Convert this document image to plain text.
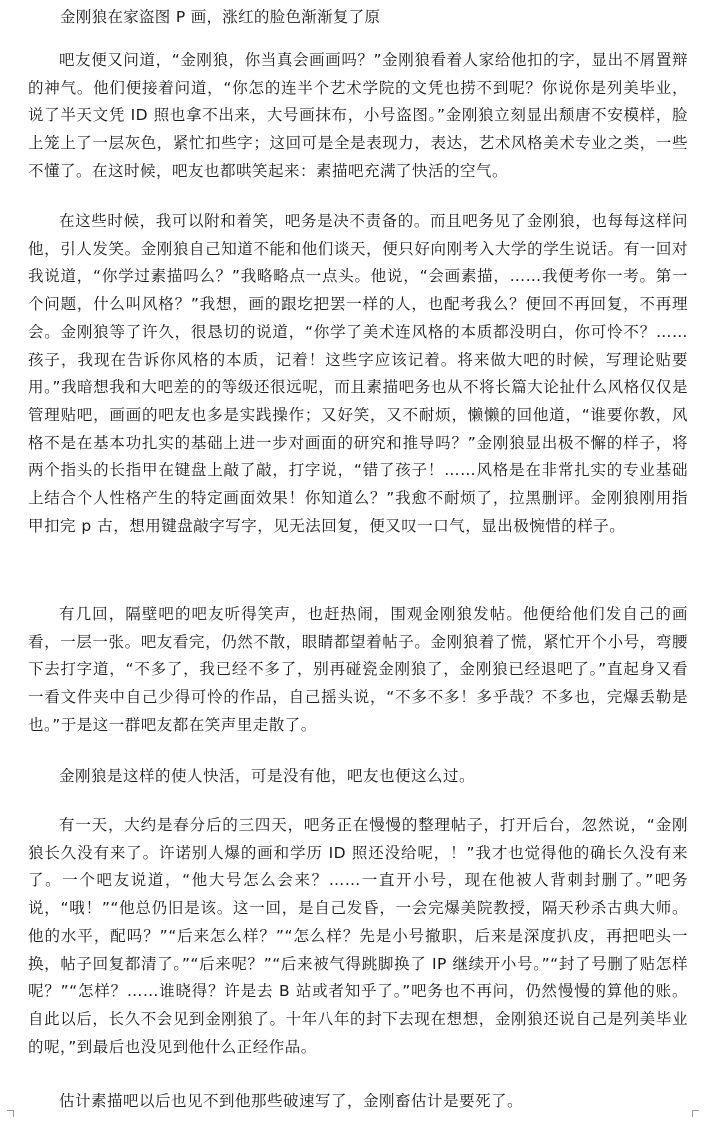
金刚狼在家盗图 P 画，涨红的脸色渐渐复了原

吧友便又问道，“金刚狼，你当真会画画吗？”金刚狼看着人家给他扣的字，显出不屑置辩的神气。他们便接着问道，“你怎的连半个艺术学院的文凭也捞不到呢？你说你是列美毕业，说了半天文凭 ID 照也拿不出来，大号画抹布，小号盗图。”金刚狼立刻显出颓唐不安模样，脸上笼上了一层灰色，紧忙扣些字；这回可是全是表现力，表达，艺术风格美术专业之类，一些不懂了。在这时候，吧友也都哄笑起来：素描吧充满了快活的空气。

在这些时候，我可以附和着笑，吧务是决不责备的。而且吧务见了金刚狼，也每每这样问他，引人发笑。金刚狼自己知道不能和他们谈天，便只好向刚考入大学的学生说话。有一回对我说道，“你学过素描吗么？”我略略点一点头。他说，“会画素描，……我便考你一考。第一个问题，什么叫风格？”我想，画的跟圪把罢一样的人，也配考我么？便回不再回复，不再理会。金刚狼等了许久，很恳切的说道，“你学了美术连风格的本质都没明白，你可怜不？……孩子，我现在告诉你风格的本质，记着！这些字应该记着。将来做大吧的时候，写理论贴要用。”我暗想我和大吧差的的等级还很远呢，而且素描吧务也从不将长篇大论扯什么风格仅仅是管理贴吧，画画的吧友也多是实践操作；又好笑，又不耐烦，懒懒的回他道，“谁要你教，风格不是在基本功扎实的基础上进一步对画面的研究和推导吗？”金刚狼显出极不懈的样子，将两个指头的长指甲在键盘上敲了敲，打字说，“错了孩子！……风格是在非常扎实的专业基础上结合个人性格产生的特定画面效果！你知道么？”我愈不耐烦了，拉黑删评。金刚狼刚用指甲扣完 p 古，想用键盘敲字写字，见无法回复，便又叹一口气，显出极惋惜的样子。

有几回，隔壁吧的吧友听得笑声，也赶热闹，围观金刚狼发帖。他便给他们发自己的画看，一层一张。吧友看完，仍然不散，眼睛都望着帖子。金刚狼着了慌，紧忙开个小号，弯腰下去打字道，“不多了，我已经不多了，别再碰瓷金刚狼了，金刚狼已经退吧了。”直起身又看一看文件夹中自己少得可怜的作品，自己摇头说，“不多不多！多乎哉？不多也，完爆丢勒是也。”于是这一群吧友都在笑声里走散了。

金刚狼是这样的使人快活，可是没有他，吧友也便这么过。

有一天，大约是春分后的三四天，吧务正在慢慢的整理帖子，打开后台，忽然说，“金刚狼长久没有来了。许诺别人爆的画和学历 ID 照还没给呢，！”我才也觉得他的确长久没有来了。一个吧友说道，“他大号怎么会来？……一直开小号，现在他被人背刺封删了。”吧务说，“哦！”“他总仍旧是该。这一回，是自己发昏，一会完爆美院教授，隔天秒杀古典大师。他的水平，配吗？”“后来怎么样？”“怎么样？先是小号撤职，后来是深度扒皮，再把吧头一换，帖子回复都清了。”“后来呢？”“后来被气得跳脚换了 IP 继续开小号。”“封了号删了贴怎样呢？”“怎样？……谁晓得？许是去 B 站或者知乎了。”吧务也不再问，仍然慢慢的算他的账。自此以后，长久不会见到金刚狼了。十年八年的封下去现在想想，金刚狼还说自己是列美毕业的呢，”到最后也没见到他什么正经作品。

估计素描吧以后也见不到他那些破速写了，金刚畜估计是要死了。
